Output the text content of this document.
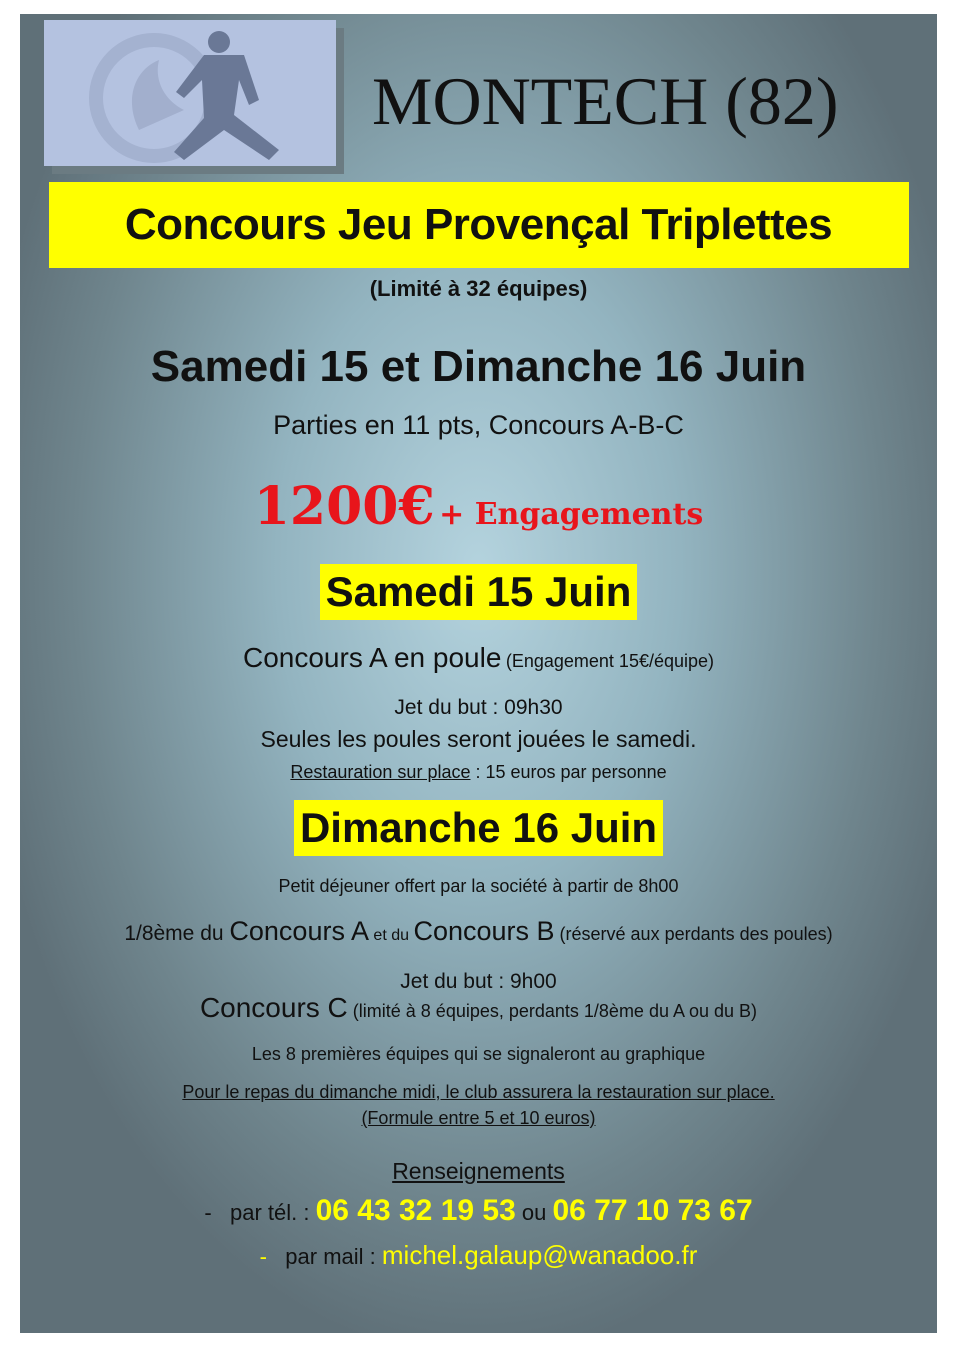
MONTECH (82)
Concours Jeu Provençal Triplettes
(Limité à 32 équipes)
Samedi 15 et Dimanche 16 Juin
Parties en 11 pts, Concours A-B-C
1200€ + Engagements
Samedi 15 Juin
Concours A en poule (Engagement 15€/équipe)
Jet du but : 09h30
Seules les poules seront jouées le samedi.
Restauration sur place : 15 euros par personne
Dimanche 16 Juin
Petit déjeuner offert par la société à partir de 8h00
1/8ème du Concours A et du Concours B (réservé aux perdants des poules)
Jet du but : 9h00
Concours C (limité à 8 équipes, perdants 1/8ème du A ou du B)
Les 8 premières équipes qui se signaleront au graphique
Pour le repas du dimanche midi, le club assurera la restauration sur place.
(Formule entre 5 et 10 euros)
Renseignements
-   par tél. : 06 43 32 19 53 ou 06 77 10 73 67
-   par mail : michel.galaup@wanadoo.fr
